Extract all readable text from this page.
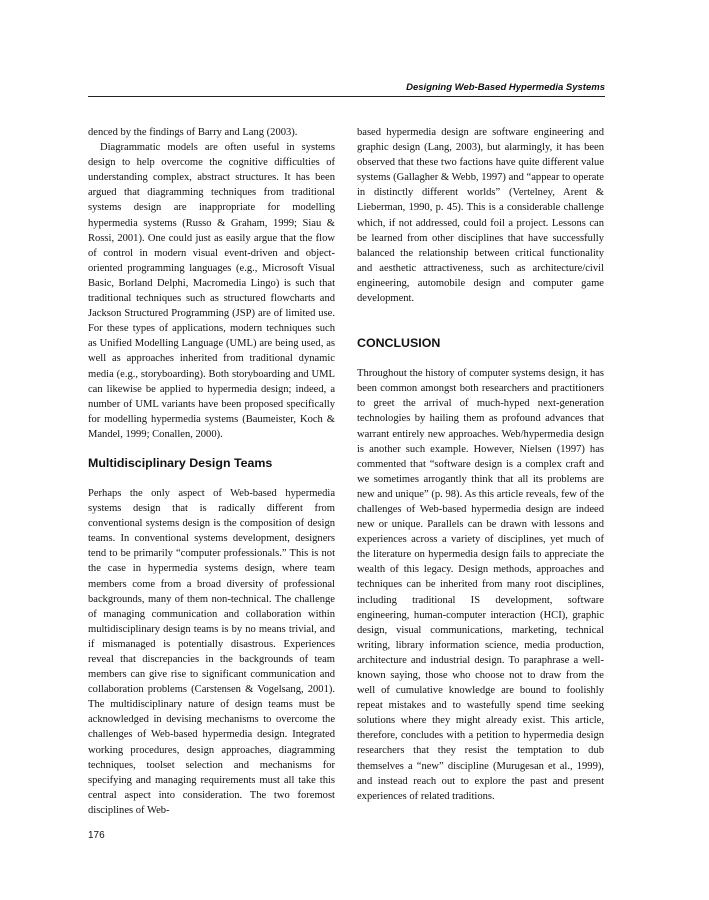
Designing Web-Based Hypermedia Systems

denced by the findings of Barry and Lang (2003).

Diagrammatic models are often useful in systems design to help overcome the cognitive difficulties of understanding complex, abstract structures. It has been argued that diagramming techniques from traditional systems design are inappropriate for modelling hypermedia systems (Russo & Graham, 1999; Siau & Rossi, 2001). One could just as easily argue that the flow of control in modern visual event-driven and object-oriented programming languages (e.g., Microsoft Visual Basic, Borland Delphi, Macromedia Lingo) is such that traditional techniques such as structured flowcharts and Jackson Structured Programming (JSP) are of limited use. For these types of applications, modern techniques such as Unified Modelling Language (UML) are being used, as well as approaches inherited from traditional dynamic media (e.g., storyboarding). Both storyboarding and UML can likewise be applied to hypermedia design; indeed, a number of UML variants have been proposed specifically for modelling hypermedia systems (Baumeister, Koch & Mandel, 1999; Conallen, 2000).

Multidisciplinary Design Teams

Perhaps the only aspect of Web-based hypermedia systems design that is radically different from conventional systems design is the composition of design teams. In conventional systems development, designers tend to be primarily “computer professionals.” This is not the case in hypermedia systems design, where team members come from a broad diversity of professional backgrounds, many of them non-technical. The challenge of managing communication and collaboration within multidisciplinary design teams is by no means trivial, and if mismanaged is potentially disastrous. Experiences reveal that discrepancies in the backgrounds of team members can give rise to significant communication and collaboration problems (Carstensen & Vogelsang, 2001). The multidisciplinary nature of design teams must be acknowledged in devising mechanisms to overcome the challenges of Web-based hypermedia design. Integrated working procedures, design approaches, diagramming techniques, toolset selection and mechanisms for specifying and managing requirements must all take this central aspect into consideration. The two foremost disciplines of Web-

based hypermedia design are software engineering and graphic design (Lang, 2003), but alarmingly, it has been observed that these two factions have quite different value systems (Gallagher & Webb, 1997) and “appear to operate in distinctly different worlds” (Vertelney, Arent & Lieberman, 1990, p. 45). This is a considerable challenge which, if not addressed, could foil a project. Lessons can be learned from other disciplines that have successfully balanced the relationship between critical functionality and aesthetic attractiveness, such as architecture/civil engineering, automobile design and computer game development.

CONCLUSION

Throughout the history of computer systems design, it has been common amongst both researchers and practitioners to greet the arrival of much-hyped next-generation technologies by hailing them as profound advances that warrant entirely new approaches. Web/hypermedia design is another such example. However, Nielsen (1997) has commented that “software design is a complex craft and we sometimes arrogantly think that all its problems are new and unique” (p. 98). As this article reveals, few of the challenges of Web-based hypermedia design are indeed new or unique. Parallels can be drawn with lessons and experiences across a variety of disciplines, yet much of the literature on hypermedia design fails to appreciate the wealth of this legacy. Design methods, approaches and techniques can be inherited from many root disciplines, including traditional IS development, software engineering, human-computer interaction (HCI), graphic design, visual communications, marketing, technical writing, library information science, media production, architecture and industrial design. To paraphrase a well-known saying, those who choose not to draw from the well of cumulative knowledge are bound to foolishly repeat mistakes and to wastefully spend time seeking solutions where they might already exist. This article, therefore, concludes with a petition to hypermedia design researchers that they resist the temptation to dub themselves a “new” discipline (Murugesan et al., 1999), and instead reach out to explore the past and present experiences of related traditions.

176
